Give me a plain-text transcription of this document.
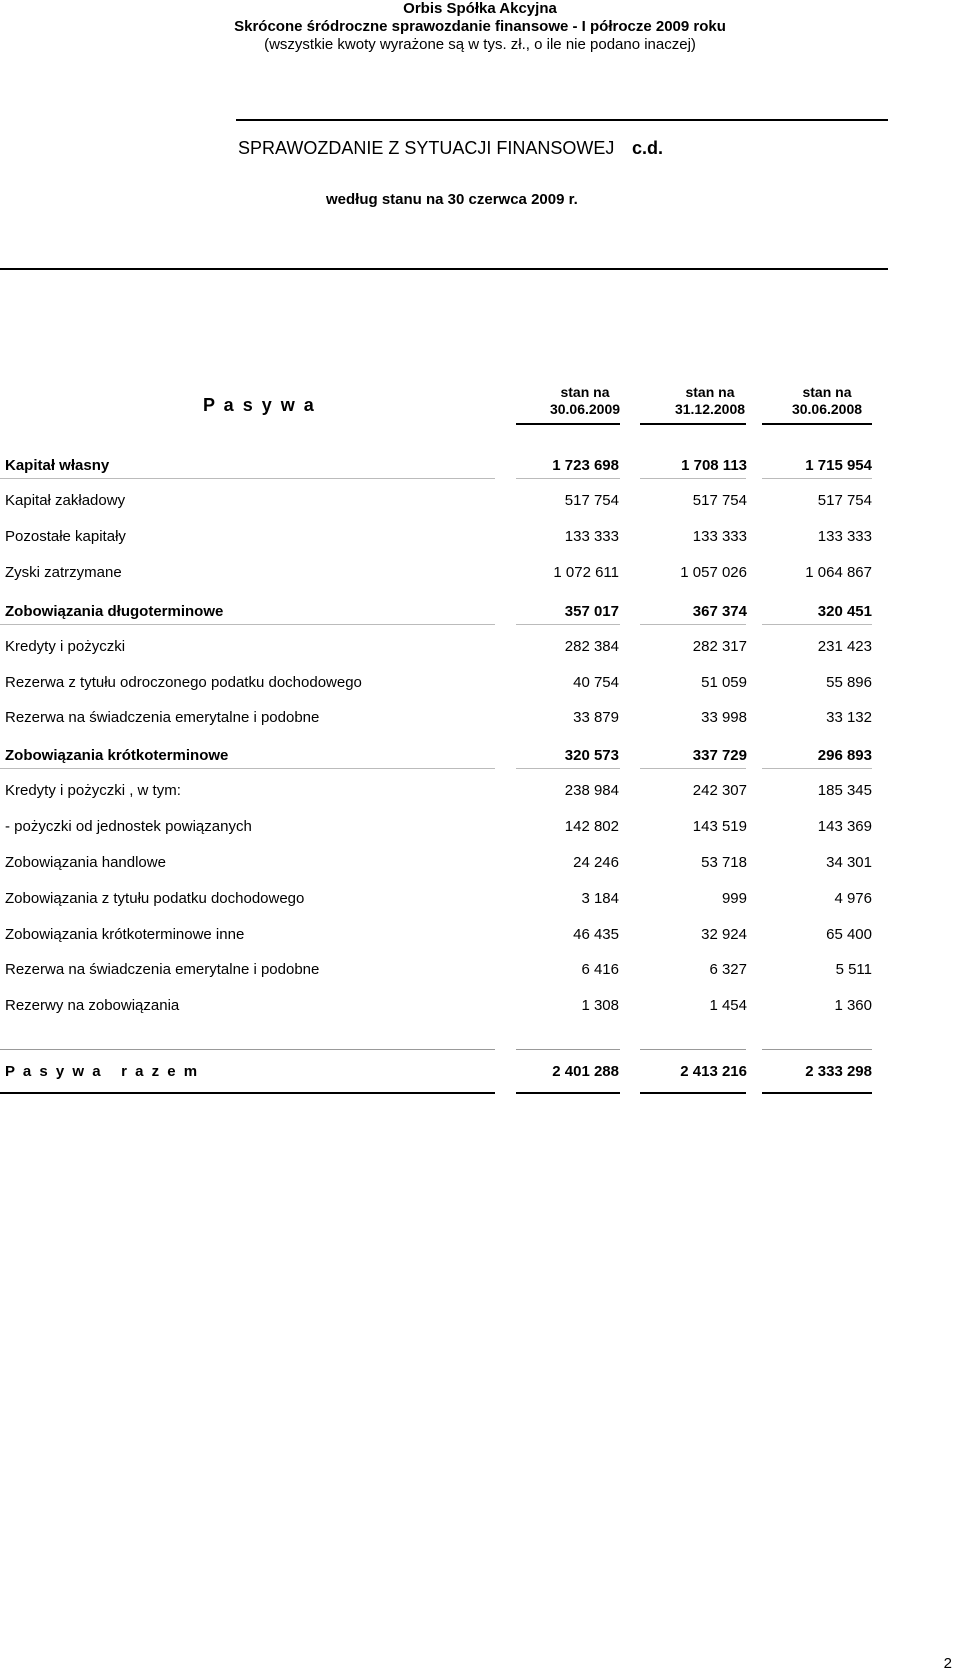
Orbis Spółka Akcyjna
Skrócone śródroczne sprawozdanie finansowe - I półrocze 2009 roku
(wszystkie kwoty wyrażone są w tys. zł., o ile nie podano inaczej)
SPRAWOZDANIE Z SYTUACJI FINANSOWEJ c.d.
według stanu na 30 czerwca 2009 r.
P a s y w a
stan na
30.06.2009
stan na
31.12.2008
stan na
30.06.2008
Kapitał własny	1 723 698	1 708 113	1 715 954
Kapitał zakładowy	517 754	517 754	517 754
Pozostałe kapitały	133 333	133 333	133 333
Zyski zatrzymane	1 072 611	1 057 026	1 064 867
Zobowiązania długoterminowe	357 017	367 374	320 451
Kredyty i pożyczki	282 384	282 317	231 423
Rezerwa z tytułu odroczonego podatku dochodowego	40 754	51 059	55 896
Rezerwa na świadczenia emerytalne i podobne	33 879	33 998	33 132
Zobowiązania krótkoterminowe	320 573	337 729	296 893
Kredyty i pożyczki , w tym:	238 984	242 307	185 345
- pożyczki od jednostek powiązanych	142 802	143 519	143 369
Zobowiązania handlowe	24 246	53 718	34 301
Zobowiązania z tytułu podatku dochodowego	3 184	999	4 976
Zobowiązania krótkoterminowe inne	46 435	32 924	65 400
Rezerwa na świadczenia emerytalne i podobne	6 416	6 327	5 511
Rezerwy na zobowiązania	1 308	1 454	1 360
P a s y w a   r a z e m	2 401 288	2 413 216	2 333 298
2
